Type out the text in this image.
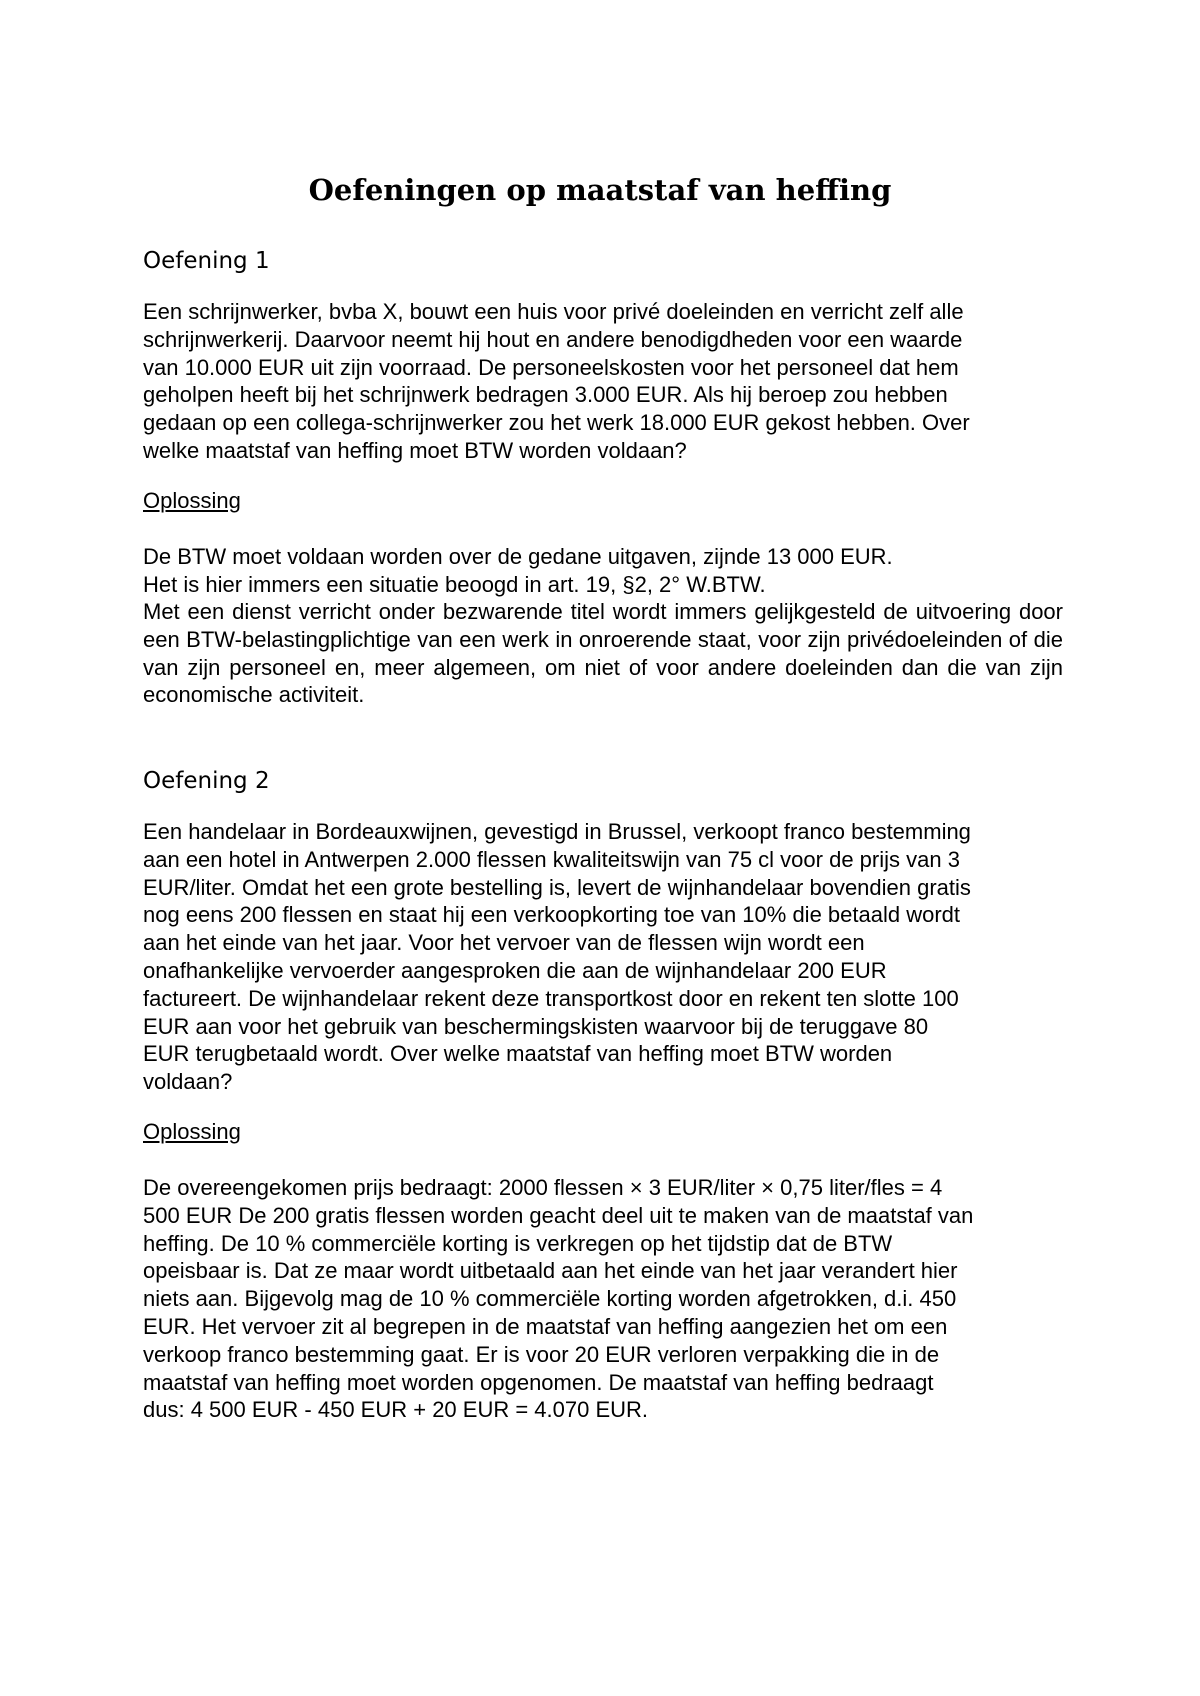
Oefeningen op maatstaf van heffing
Oefening 1

Een schrijnwerker, bvba X, bouwt een huis voor privé doeleinden en verricht zelf alle
schrijnwerkerij. Daarvoor neemt hij hout en andere benodigdheden voor een waarde
van 10.000 EUR uit zijn voorraad. De personeelskosten voor het personeel dat hem
geholpen heeft bij het schrijnwerk bedragen 3.000 EUR. Als hij beroep zou hebben
gedaan op een collega-schrijnwerker zou het werk 18.000 EUR gekost hebben. Over
welke maatstaf van heffing moet BTW worden voldaan?

Oplossing

De BTW moet voldaan worden over de gedane uitgaven, zijnde 13 000 EUR.
Het is hier immers een situatie beoogd in art. 19, §2, 2° W.BTW.

Met een dienst verricht onder bezwarende titel wordt immers gelijkgesteld de uitvoering door een BTW-belastingplichtige van een werk in onroerende staat, voor zijn privédoeleinden of die van zijn personeel en, meer algemeen, om niet of voor andere doeleinden dan die van zijn economische activiteit.

Oefening 2

Een handelaar in Bordeauxwijnen, gevestigd in Brussel, verkoopt franco bestemming
aan een hotel in Antwerpen 2.000 flessen kwaliteitswijn van 75 cl voor de prijs van 3
EUR/liter. Omdat het een grote bestelling is, levert de wijnhandelaar bovendien gratis
nog eens 200 flessen en staat hij een verkoopkorting toe van 10% die betaald wordt
aan het einde van het jaar. Voor het vervoer van de flessen wijn wordt een
onafhankelijke vervoerder aangesproken die aan de wijnhandelaar 200 EUR
factureert. De wijnhandelaar rekent deze transportkost door en rekent ten slotte 100
EUR aan voor het gebruik van beschermingskisten waarvoor bij de teruggave 80
EUR terugbetaald wordt. Over welke maatstaf van heffing moet BTW worden
voldaan?

Oplossing

De overeengekomen prijs bedraagt: 2000 flessen × 3 EUR/liter × 0,75 liter/fles = 4
500 EUR De 200 gratis flessen worden geacht deel uit te maken van de maatstaf van
heffing. De 10 % commerciële korting is verkregen op het tijdstip dat de BTW
opeisbaar is. Dat ze maar wordt uitbetaald aan het einde van het jaar verandert hier
niets aan. Bijgevolg mag de 10 % commerciële korting worden afgetrokken, d.i. 450
EUR. Het vervoer zit al begrepen in de maatstaf van heffing aangezien het om een
verkoop franco bestemming gaat. Er is voor 20 EUR verloren verpakking die in de
maatstaf van heffing moet worden opgenomen. De maatstaf van heffing bedraagt
dus: 4 500 EUR - 450 EUR + 20 EUR = 4.070 EUR.
